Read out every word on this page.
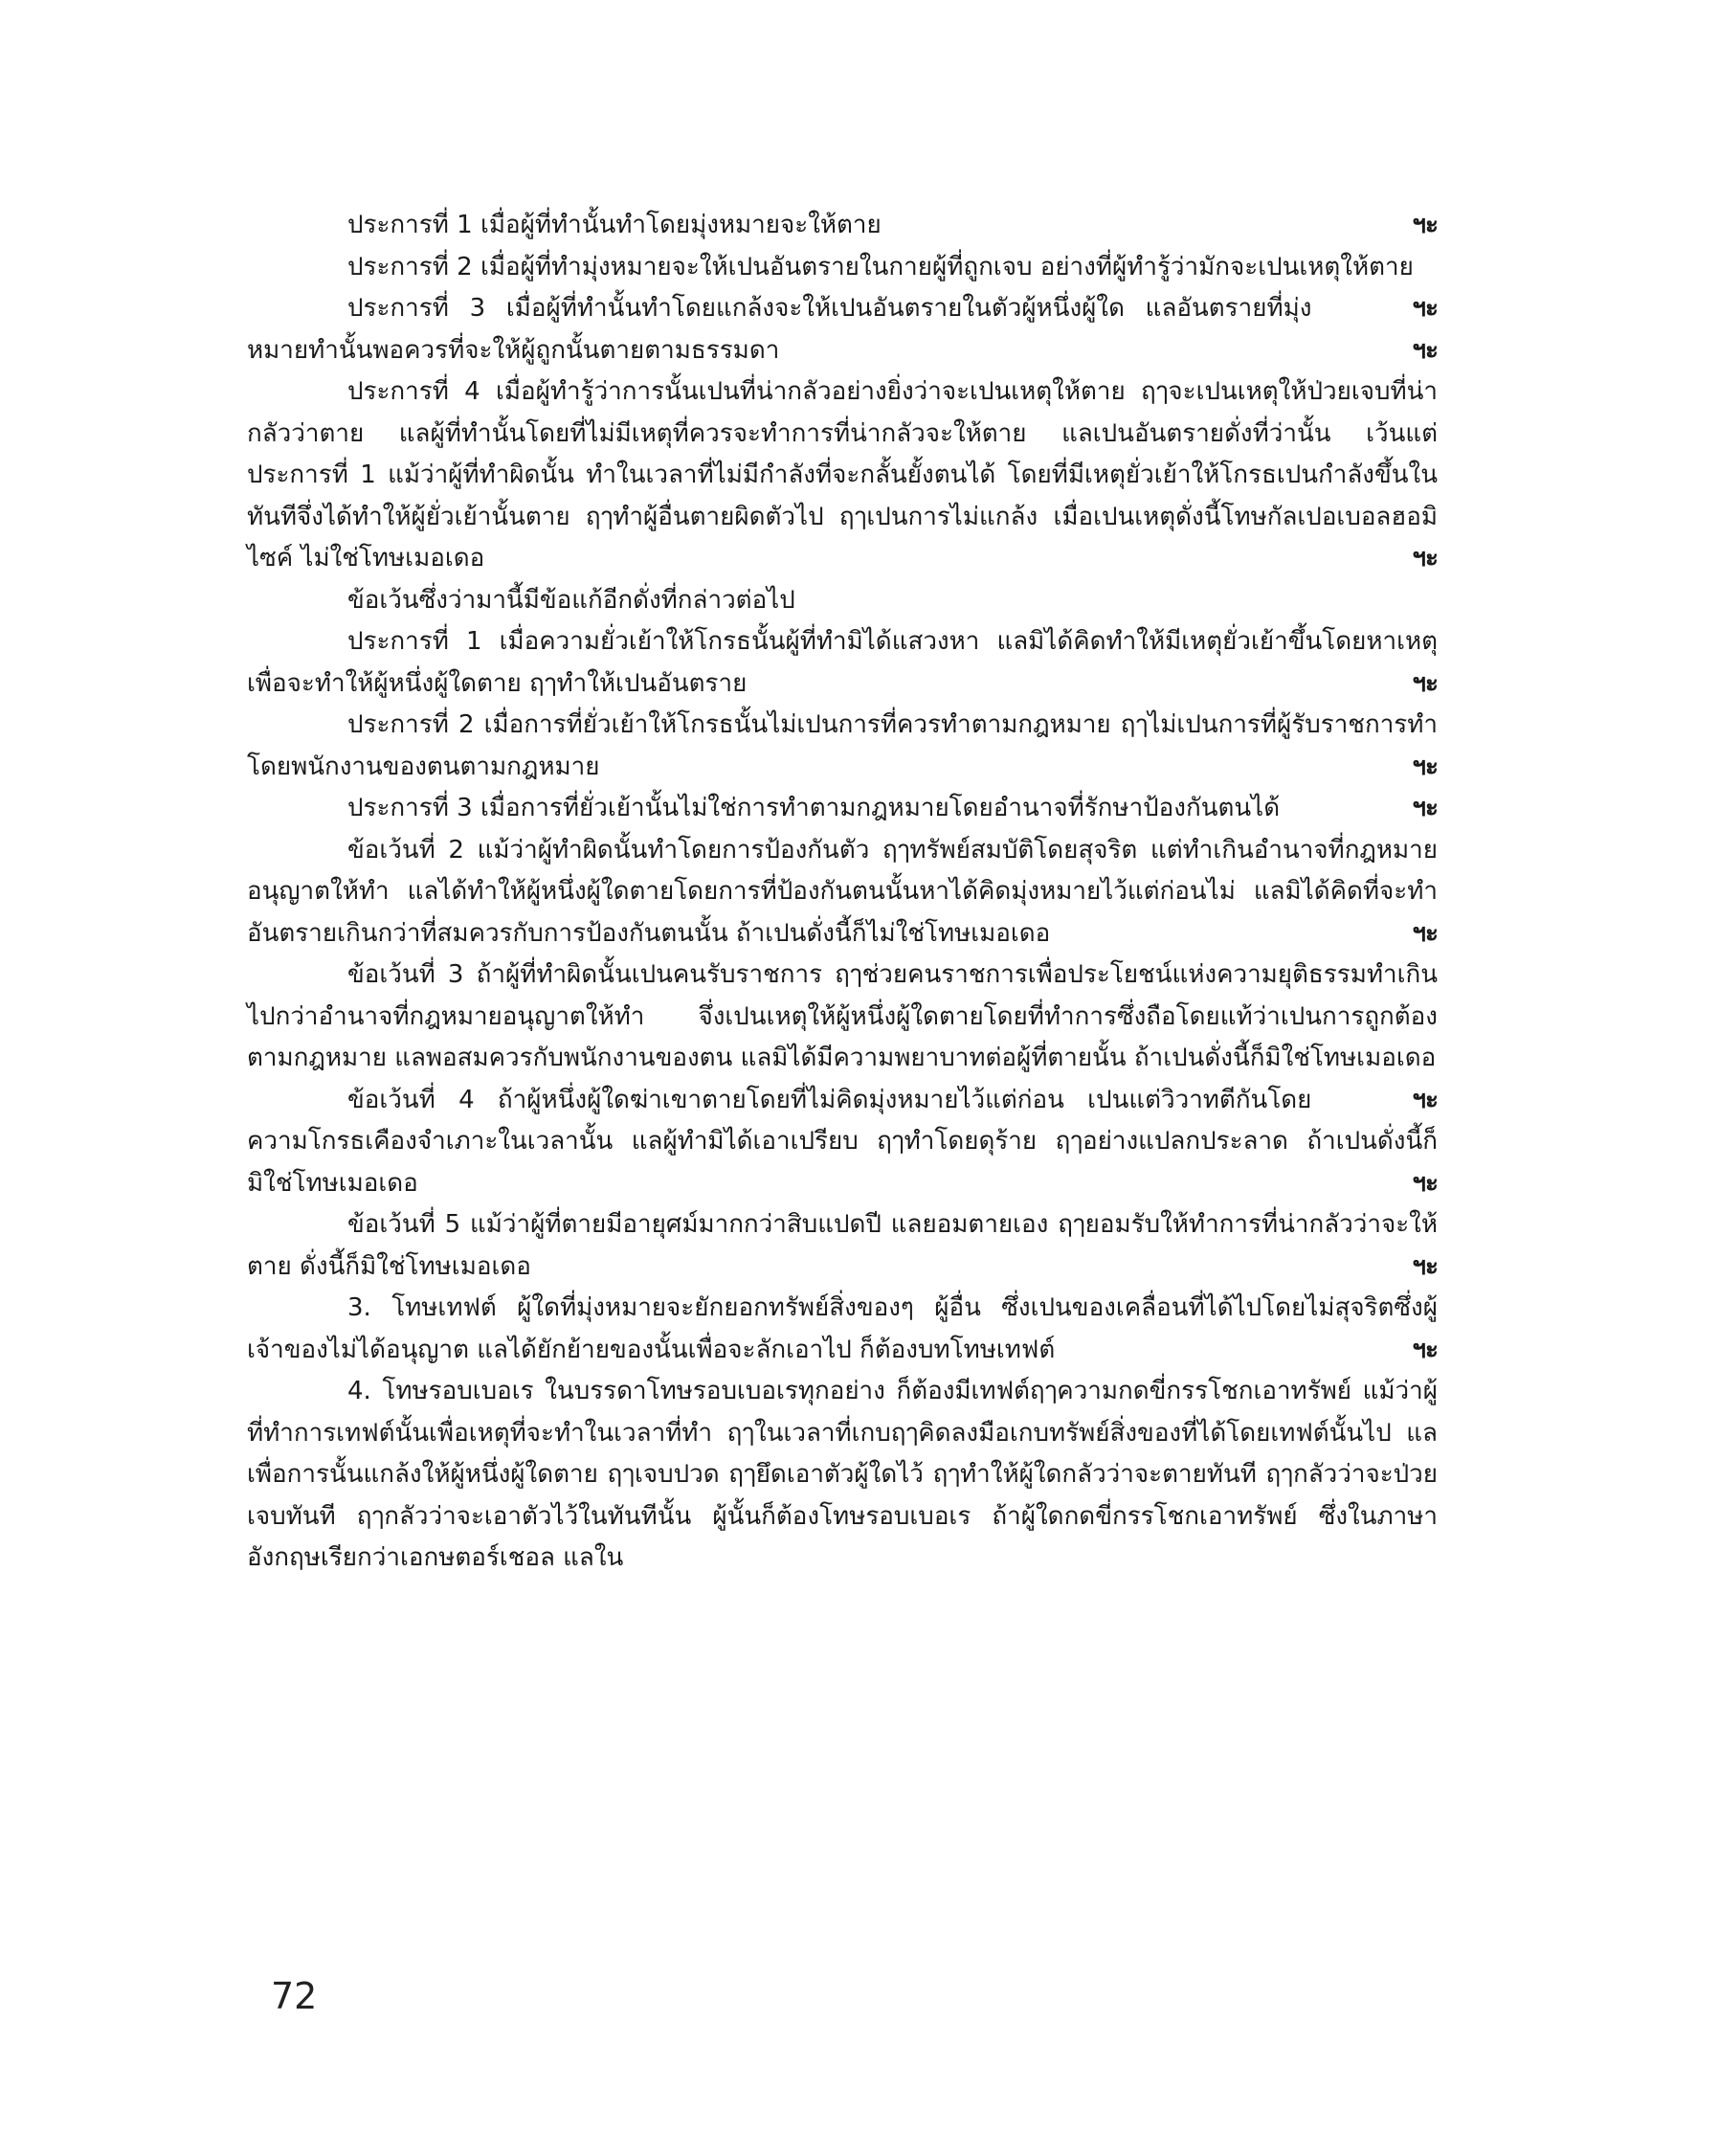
ประการที่ 1 เมื่อผู้ที่ทำนั้นทำโดยมุ่งหมายจะให้ตาย	ฯะ

ประการที่ 2 เมื่อผู้ที่ทำมุ่งหมายจะให้เปนอันตรายในกายผู้ที่ถูกเจบ อย่างที่ผู้ทำรู้ว่ามักจะเปนเหตุให้ตาย
ฯะ

ประการที่ 3 เมื่อผู้ที่ทำนั้นทำโดยแกล้งจะให้เปนอันตรายในตัวผู้หนึ่งผู้ใด แลอันตรายที่มุ่งหมายทำนั้นพอควรที่จะให้ผู้ถูกนั้นตายตามธรรมดา	ฯะ

ประการที่ 4 เมื่อผู้ทำรู้ว่าการนั้นเปนที่น่ากลัวอย่างยิ่งว่าจะเปนเหตุให้ตาย ฤๅจะเปนเหตุให้ป่วยเจบที่น่ากลัวว่าตาย แลผู้ที่ทำนั้นโดยที่ไม่มีเหตุที่ควรจะทำการที่น่ากลัวจะให้ตาย แลเปนอันตรายดั่งที่ว่านั้น เว้นแต่ประการที่ 1 แม้ว่าผู้ที่ทำผิดนั้น ทำในเวลาที่ไม่มีกำลังที่จะกลั้นยั้งตนได้ โดยที่มีเหตุยั่วเย้าให้โกรธเปนกำลังขึ้นในทันทีจึ่งได้ทำให้ผู้ยั่วเย้านั้นตาย ฤๅทำผู้อื่นตายผิดตัวไป ฤๅเปนการไม่แกล้ง เมื่อเปนเหตุดั่งนี้โทษกัลเปอเบอลฮอมิไซค์ ไม่ใช่โทษเมอเดอ	ฯะ

ข้อเว้นซึ่งว่ามานี้มีข้อแก้อีกดั่งที่กล่าวต่อไป

ประการที่ 1 เมื่อความยั่วเย้าให้โกรธนั้นผู้ที่ทำมิได้แสวงหา แลมิได้คิดทำให้มีเหตุยั่วเย้าขึ้นโดยหาเหตุเพื่อจะทำให้ผู้หนึ่งผู้ใดตาย ฤๅทำให้เปนอันตราย	ฯะ

ประการที่ 2 เมื่อการที่ยั่วเย้าให้โกรธนั้นไม่เปนการที่ควรทำตามกฎหมาย ฤๅไม่เปนการที่ผู้รับราชการทำโดยพนักงานของตนตามกฎหมาย	ฯะ

ประการที่ 3 เมื่อการที่ยั่วเย้านั้นไม่ใช่การทำตามกฎหมายโดยอำนาจที่รักษาป้องกันตนได้	ฯะ

ข้อเว้นที่ 2 แม้ว่าผู้ทำผิดนั้นทำโดยการป้องกันตัว ฤๅทรัพย์สมบัติโดยสุจริต แต่ทำเกินอำนาจที่กฎหมายอนุญาตให้ทำ แลได้ทำให้ผู้หนึ่งผู้ใดตายโดยการที่ป้องกันตนนั้นหาได้คิดมุ่งหมายไว้แต่ก่อนไม่ แลมิได้คิดที่จะทำอันตรายเกินกว่าที่สมควรกับการป้องกันตนนั้น ถ้าเปนดั่งนี้ก็ไม่ใช่โทษเมอเดอ	ฯะ

ข้อเว้นที่ 3 ถ้าผู้ที่ทำผิดนั้นเปนคนรับราชการ ฤๅช่วยคนราชการเพื่อประโยชน์แห่งความยุติธรรมทำเกินไปกว่าอำนาจที่กฎหมายอนุญาตให้ทำ จึ่งเปนเหตุให้ผู้หนึ่งผู้ใดตายโดยที่ทำการซึ่งถือโดยแท้ว่าเปนการถูกต้องตามกฎหมาย แลพอสมควรกับพนักงานของตน แลมิได้มีความพยาบาทต่อผู้ที่ตายนั้น ถ้าเปนดั่งนี้ก็มิใช่โทษเมอเดอ
ฯะ

ข้อเว้นที่ 4 ถ้าผู้หนึ่งผู้ใดฆ่าเขาตายโดยที่ไม่คิดมุ่งหมายไว้แต่ก่อน เปนแต่วิวาทตีกันโดยความโกรธเคืองจำเภาะในเวลานั้น แลผู้ทำมิได้เอาเปรียบ ฤๅทำโดยดุร้าย ฤๅอย่างแปลกประลาด ถ้าเปนดั่งนี้ก็มิใช่โทษเมอเดอ	ฯะ

ข้อเว้นที่ 5 แม้ว่าผู้ที่ตายมีอายุศม์มากกว่าสิบแปดปี แลยอมตายเอง ฤๅยอมรับให้ทำการที่น่ากลัวว่าจะให้ตาย ดั่งนี้ก็มิใช่โทษเมอเดอ	ฯะ

3. โทษเทฟต์ ผู้ใดที่มุ่งหมายจะยักยอกทรัพย์สิ่งของๆ ผู้อื่น ซึ่งเปนของเคลื่อนที่ได้ไปโดยไม่สุจริตซึ่งผู้เจ้าของไม่ได้อนุญาต แลได้ยักย้ายของนั้นเพื่อจะลักเอาไป ก็ต้องบทโทษเทฟต์	ฯะ

4. โทษรอบเบอเร ในบรรดาโทษรอบเบอเรทุกอย่าง ก็ต้องมีเทฟต์ฤๅความกดขี่กรรโชกเอาทรัพย์ แม้ว่าผู้ที่ทำการเทฟต์นั้นเพื่อเหตุที่จะทำในเวลาที่ทำ ฤๅในเวลาที่เกบฤๅคิดลงมือเกบทรัพย์สิ่งของที่ได้โดยเทฟต์นั้นไป แลเพื่อการนั้นแกล้งให้ผู้หนึ่งผู้ใดตาย ฤๅเจบปวด ฤๅยึดเอาตัวผู้ใดไว้ ฤๅทำให้ผู้ใดกลัวว่าจะตายทันที ฤๅกลัวว่าจะป่วยเจบทันที ฤๅกลัวว่าจะเอาตัวไว้ในทันทีนั้น ผู้นั้นก็ต้องโทษรอบเบอเร ถ้าผู้ใดกดขี่กรรโชกเอาทรัพย์ ซึ่งในภาษาอังกฤษเรียกว่าเอกษตอร์เชอล แลใน

72
